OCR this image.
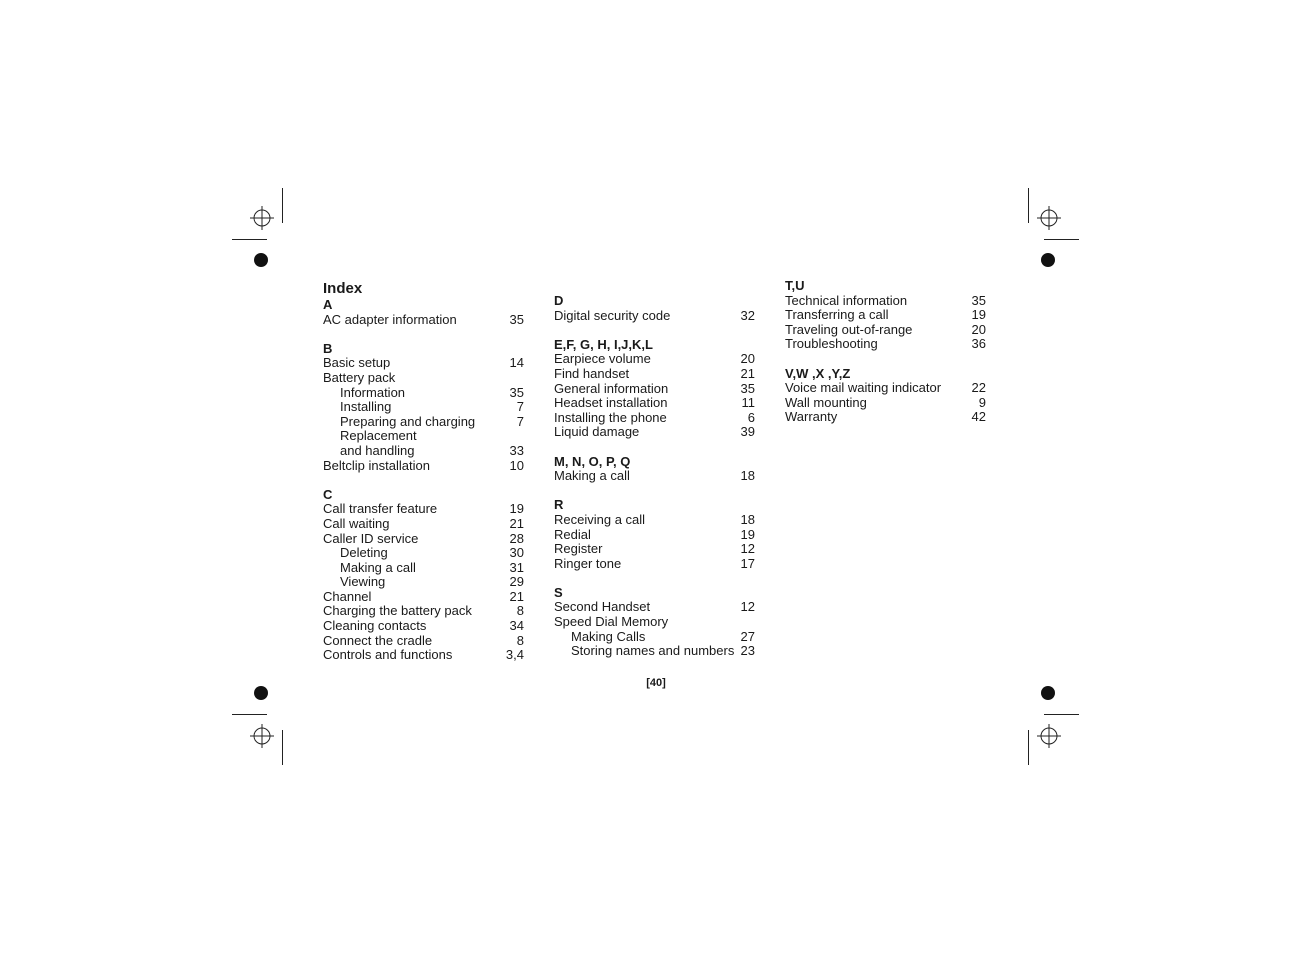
Index
A
AC adapter information	35
B
Basic setup	14
Battery pack
Information	35
Installing	7
Preparing and charging	7
Replacement
and handling	33
Beltclip installation	10
C
Call transfer feature	19
Call waiting	21
Caller ID service	28
Deleting	30
Making a call	31
Viewing	29
Channel	21
Charging the battery pack	8
Cleaning contacts	34
Connect the cradle	8
Controls and functions	3,4
D
Digital security code	32
E,F, G, H, I,J,K,L
Earpiece volume	20
Find handset	21
General information	35
Headset installation	11
Installing the phone	6
Liquid damage	39
M, N, O, P, Q
Making a call	18
R
Receiving a call	18
Redial	19
Register	12
Ringer tone	17
S
Second Handset	12
Speed Dial Memory
Making Calls	27
Storing names and numbers 23
T,U
Technical information	35
Transferring a call	19
Traveling out-of-range	20
Troubleshooting	36
V,W ,X ,Y,Z
Voice mail waiting indicator 22
Wall mounting	9
Warranty	42
[40]
